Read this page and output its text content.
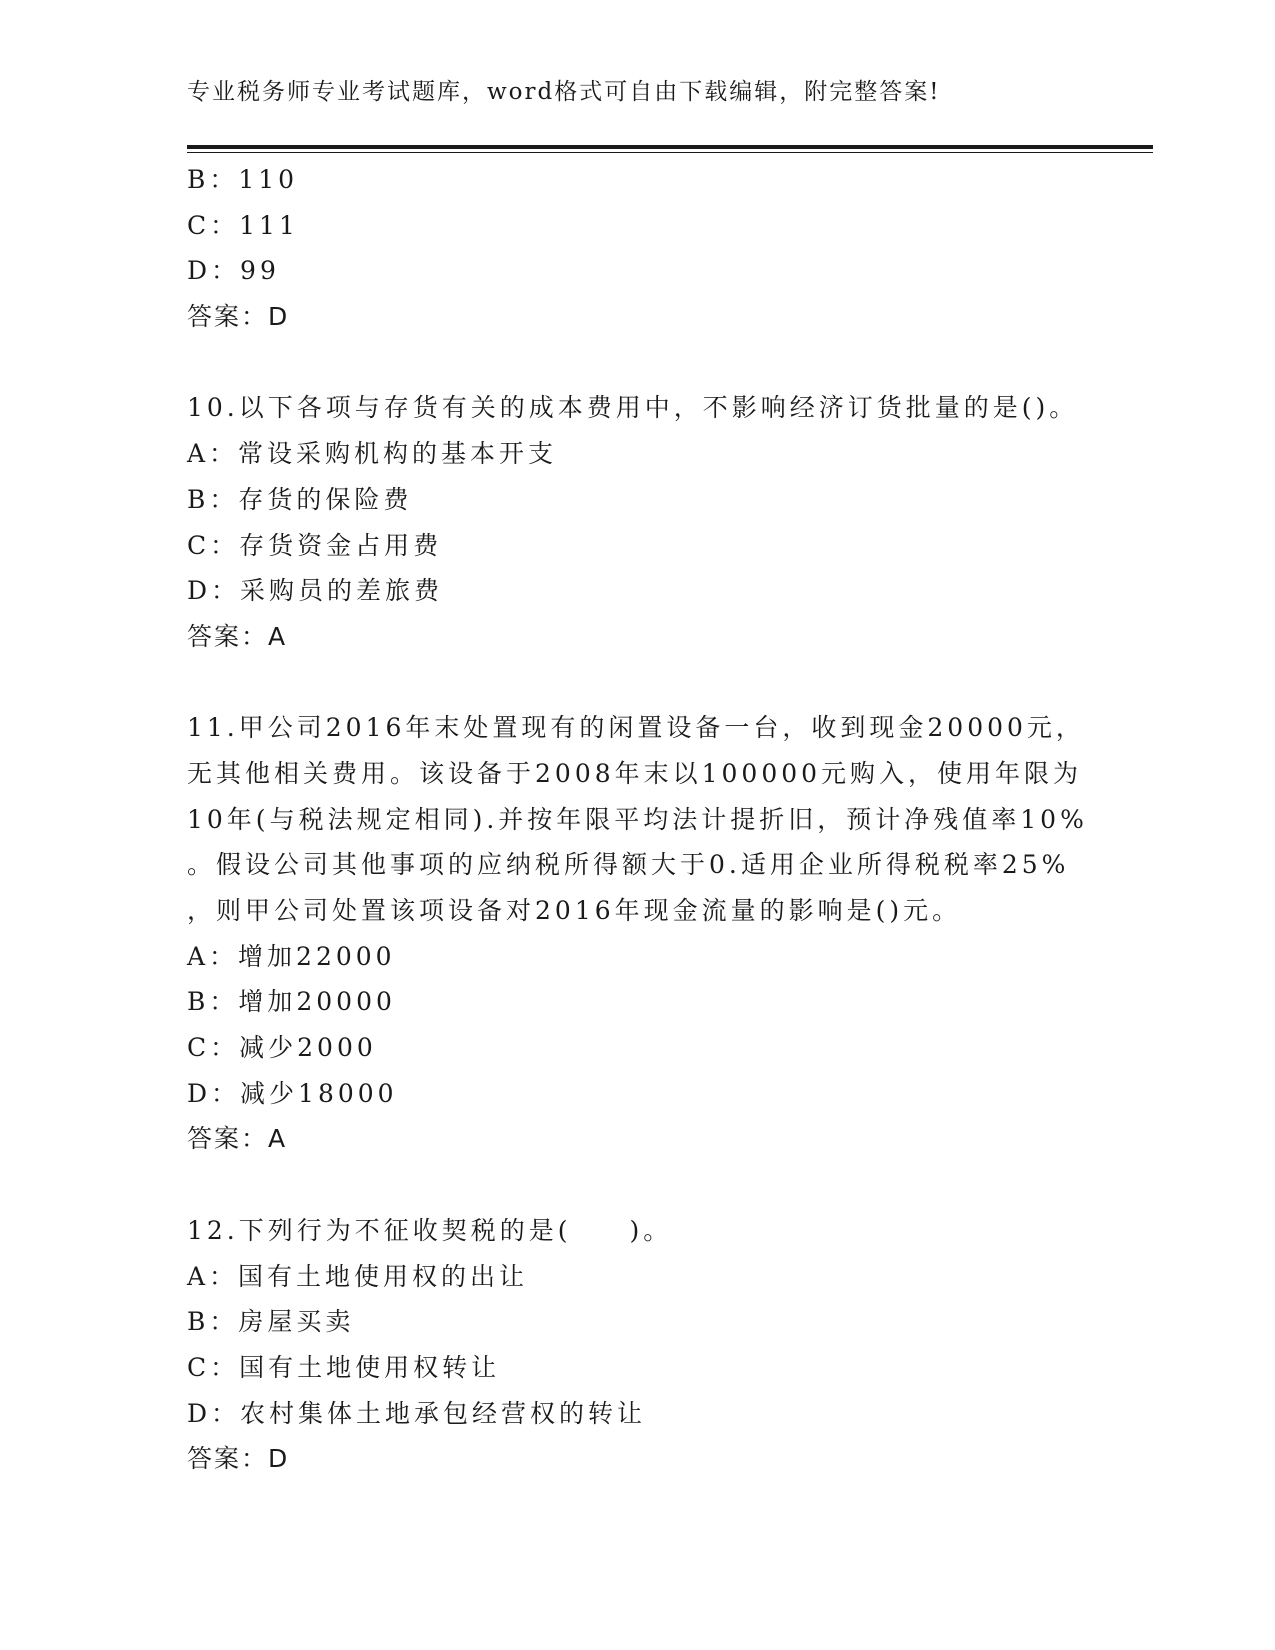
专业税务师专业考试题库，word格式可自由下载编辑，附完整答案!
B：110
C：111
D：99
答案：D
10.以下各项与存货有关的成本费用中，不影响经济订货批量的是()。
A：常设采购机构的基本开支
B：存货的保险费
C：存货资金占用费
D：采购员的差旅费
答案：A
11.甲公司2016年末处置现有的闲置设备一台，收到现金20000元，
无其他相关费用。该设备于2008年末以100000元购入，使用年限为
10年(与税法规定相同).并按年限平均法计提折旧，预计净残值率10%
。假设公司其他事项的应纳税所得额大于0.适用企业所得税税率25%
，则甲公司处置该项设备对2016年现金流量的影响是()元。
A：增加22000
B：增加20000
C：减少2000
D：减少18000
答案：A
12.下列行为不征收契税的是(　　)。
A：国有土地使用权的出让
B：房屋买卖
C：国有土地使用权转让
D：农村集体土地承包经营权的转让
答案：D
